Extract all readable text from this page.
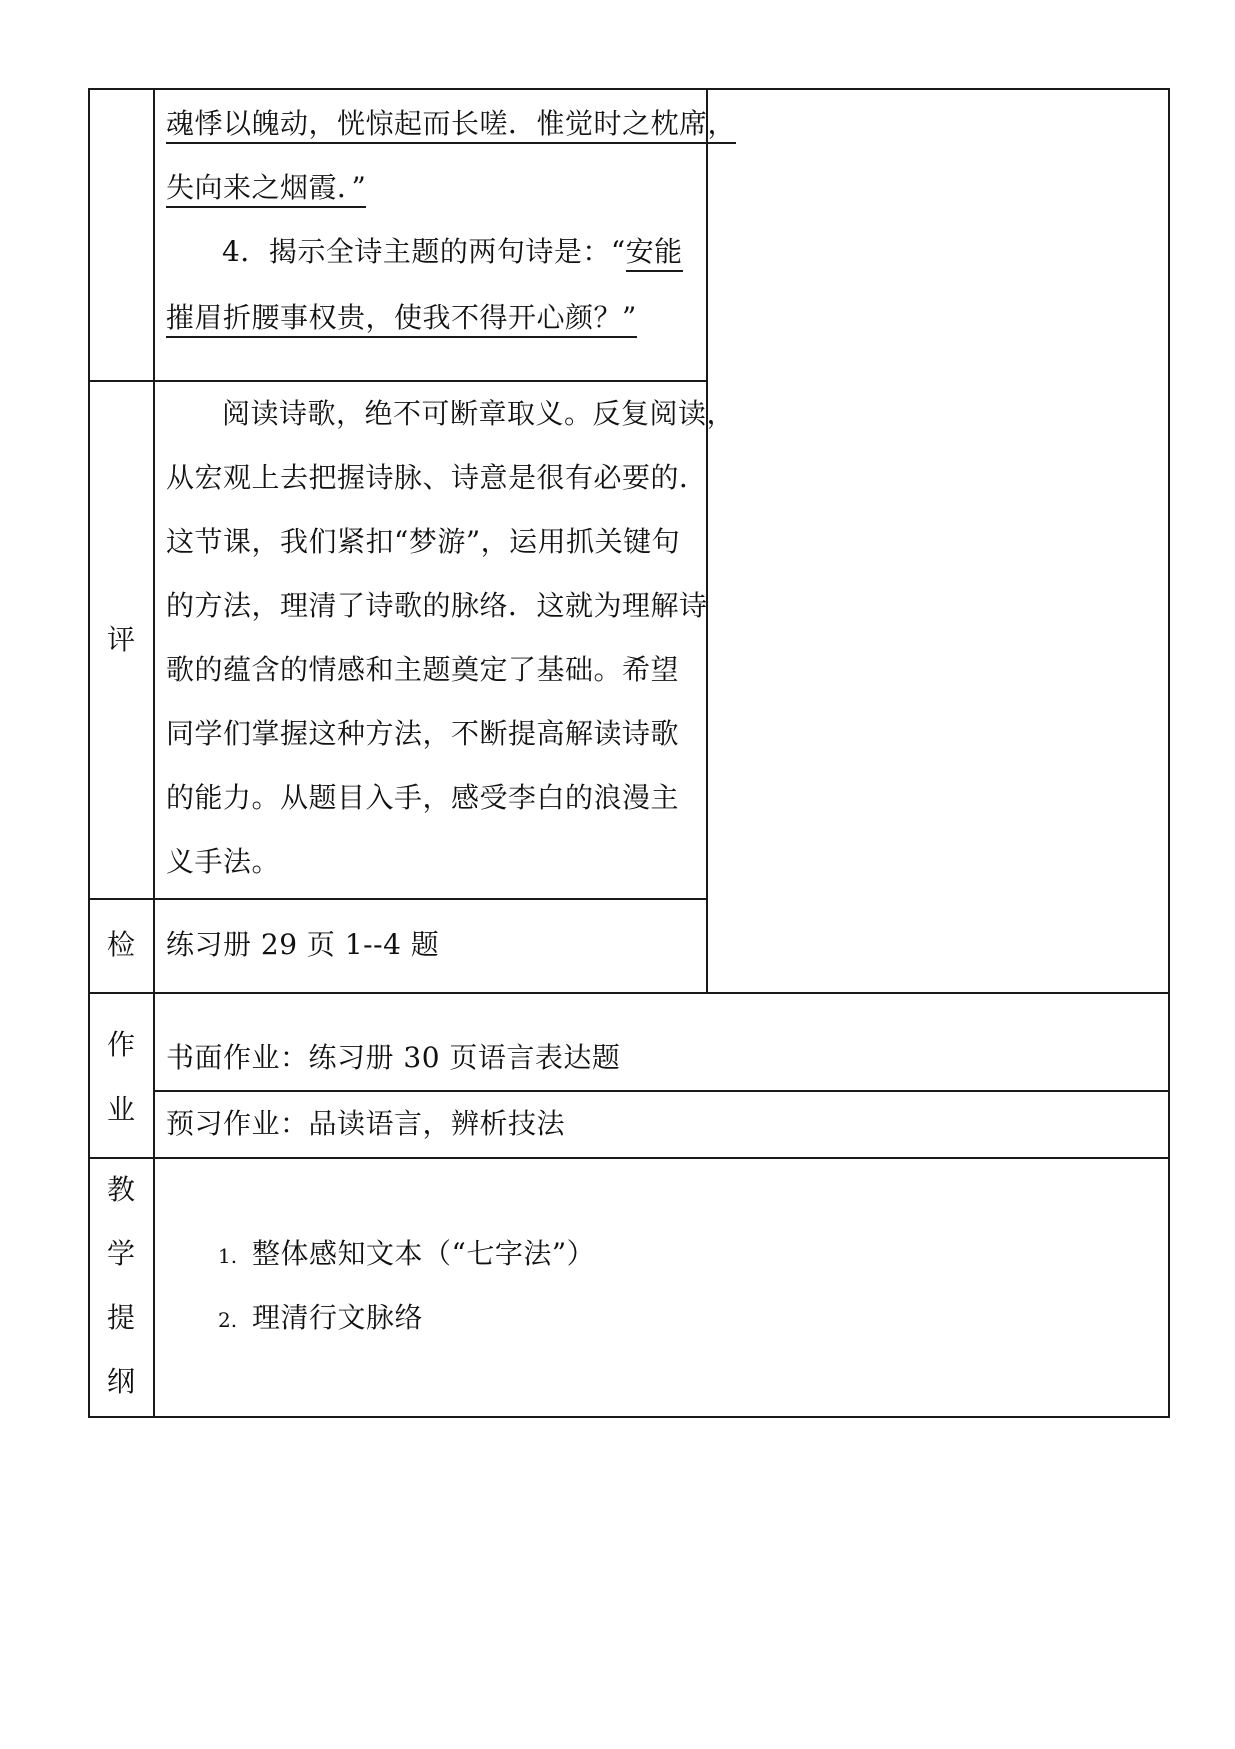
魂悸以魄动，恍惊起而长嗟．惟觉时之枕席，
失向来之烟霞．”
4．揭示全诗主题的两句诗是：“安能
摧眉折腰事权贵，使我不得开心颜？”
评
阅读诗歌，绝不可断章取义。反复阅读，
从宏观上去把握诗脉、诗意是很有必要的．
这节课，我们紧扣“梦游”，运用抓关键句
的方法，理清了诗歌的脉络．这就为理解诗
歌的蕴含的情感和主题奠定了基础。希望
同学们掌握这种方法，不断提高解读诗歌
的能力。从题目入手，感受李白的浪漫主
义手法。
检	练习册 29 页 1--4 题
作
业
书面作业：练习册 30 页语言表达题
预习作业：品读语言，辨析技法
教
学
提
纲
1. 整体感知文本（“七字法”）
2. 理清行文脉络
